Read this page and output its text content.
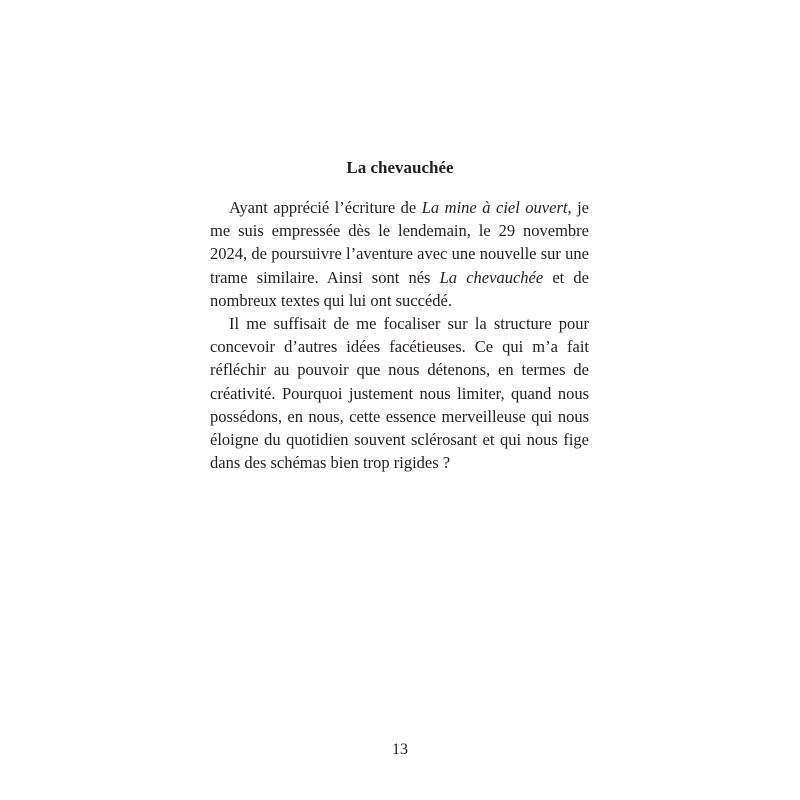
La chevauchée

Ayant apprécié l’écriture de La mine à ciel ouvert, je me suis empressée dès le lendemain, le 29 novembre 2024, de poursuivre l’aventure avec une nouvelle sur une trame similaire. Ainsi sont nés La chevauchée et de nombreux textes qui lui ont succédé.

Il me suffisait de me focaliser sur la structure pour concevoir d’autres idées facétieuses. Ce qui m’a fait réfléchir au pouvoir que nous détenons, en termes de créativité. Pourquoi justement nous limiter, quand nous possédons, en nous, cette essence merveilleuse qui nous éloigne du quotidien souvent sclérosant et qui nous fige dans des schémas bien trop rigides ?

13
